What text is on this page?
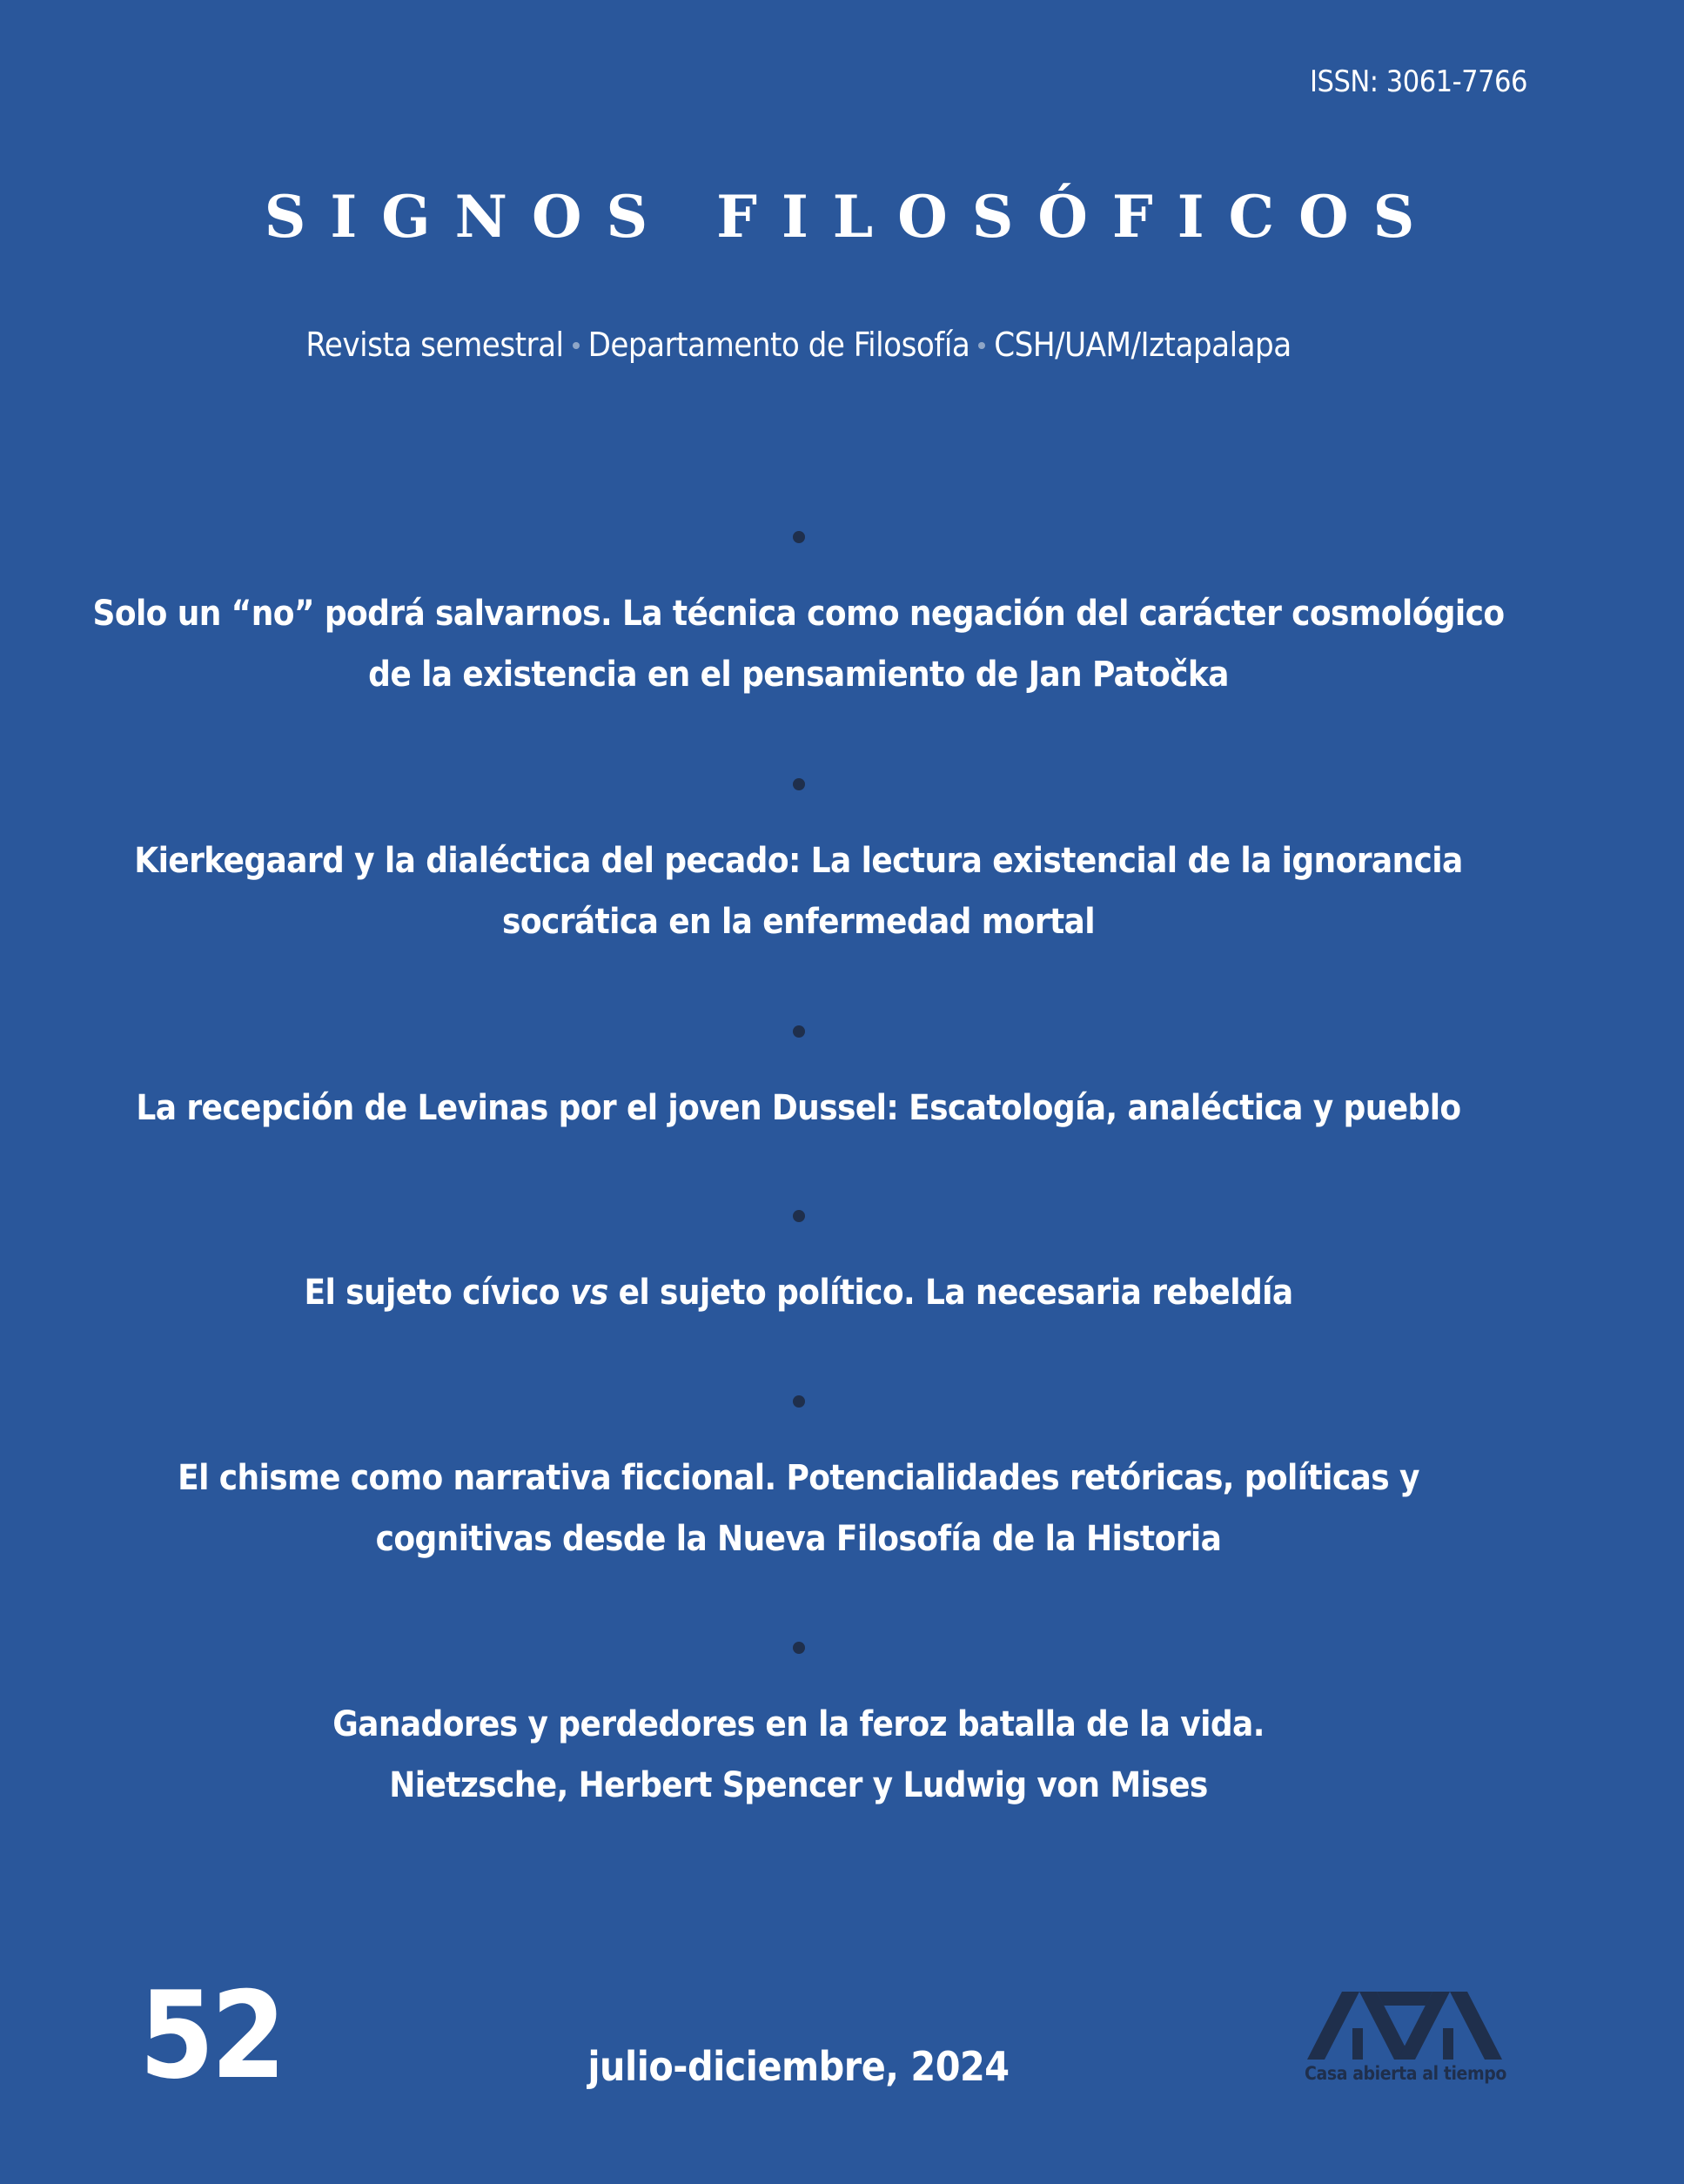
ISSN: 3061-7766
SIGNOS FILOSÓFICOS
Revista semestral Departamento de Filosofía CSH/UAM/Iztapalapa
Solo un “no” podrá salvarnos. La técnica como negación del carácter cosmológico
de la existencia en el pensamiento de Jan Patočka
Kierkegaard y la dialéctica del pecado: La lectura existencial de la ignorancia
socrática en la enfermedad mortal
La recepción de Levinas por el joven Dussel: Escatología, analéctica y pueblo
El sujeto cívico vs el sujeto político. La necesaria rebeldía
El chisme como narrativa ficcional. Potencialidades retóricas, políticas y
cognitivas desde la Nueva Filosofía de la Historia
Ganadores y perdedores en la feroz batalla de la vida.
Nietzsche, Herbert Spencer y Ludwig von Mises
52	julio-diciembre, 2024	Casa abierta al tiempo
